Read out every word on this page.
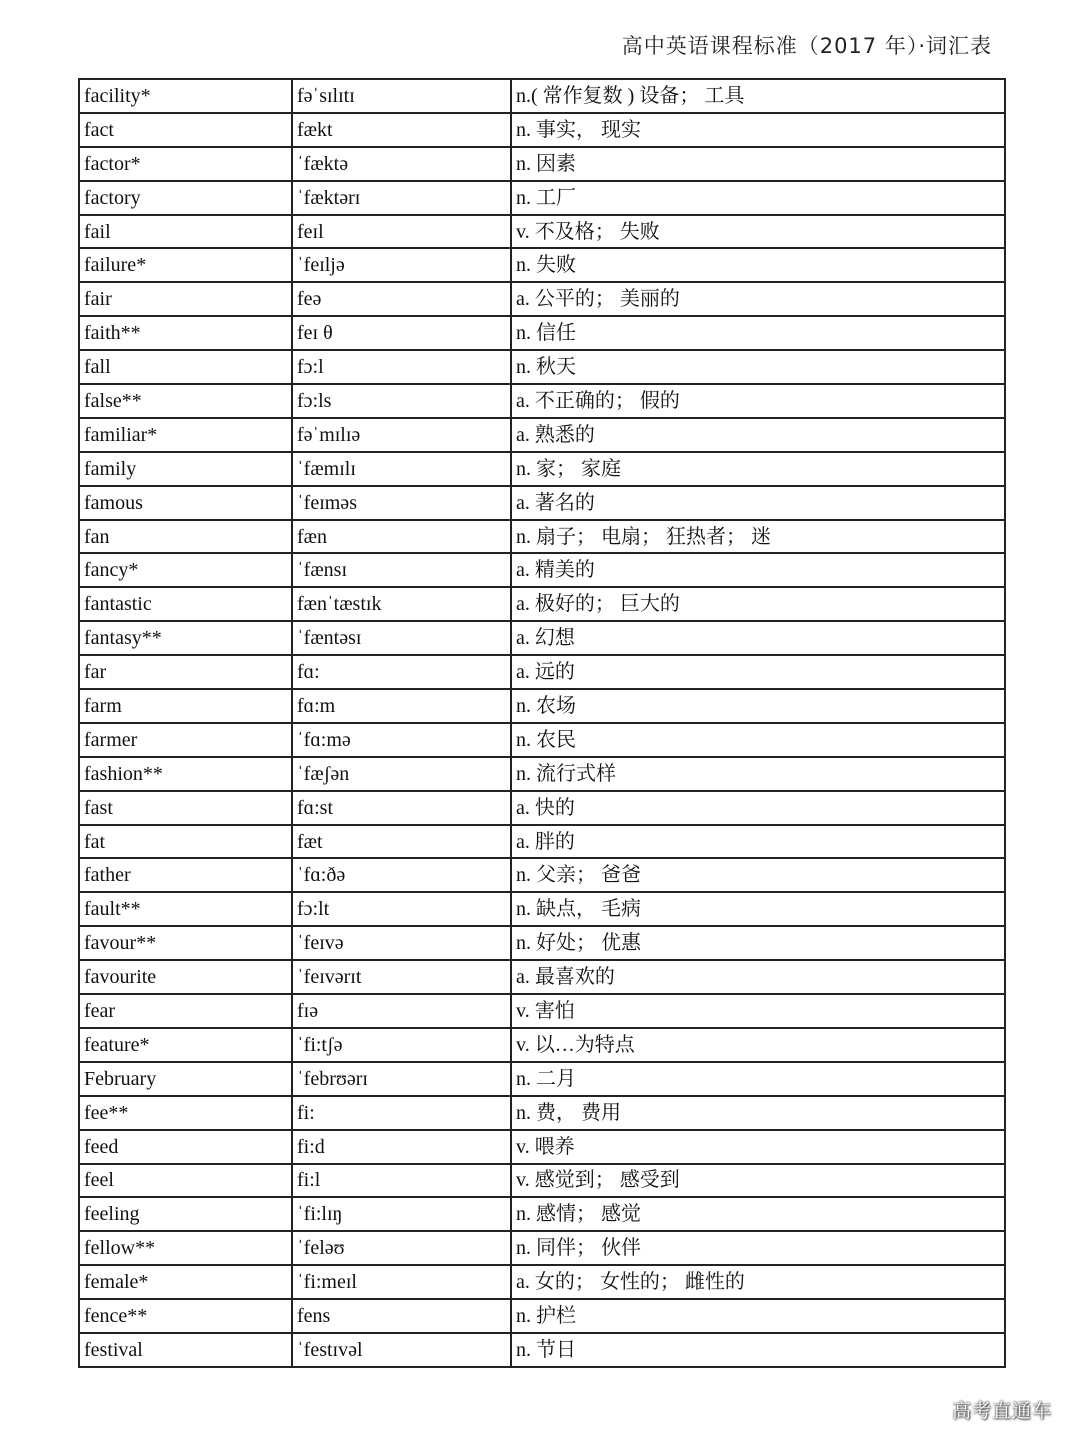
高中英语课程标准（2017 年）·词汇表
facility*	fəˈsɪlɪtɪ	n.( 常作复数 ) 设备； 工具
fact	fækt	n. 事实， 现实
factor*	ˈfæktə	n. 因素
factory	ˈfæktərɪ	n. 工厂
fail	feɪl	v. 不及格； 失败
failure*	ˈfeɪljə	n. 失败
fair	feə	a. 公平的； 美丽的
faith**	feɪ θ	n. 信任
fall	fɔ:l	n. 秋天
false**	fɔ:ls	a. 不正确的； 假的
familiar*	fəˈmɪlɪə	a. 熟悉的
family	ˈfæmɪlɪ	n. 家； 家庭
famous	ˈfeɪməs	a. 著名的
fan	fæn	n. 扇子； 电扇； 狂热者； 迷
fancy*	ˈfænsɪ	a. 精美的
fantastic	fænˈtæstɪk	a. 极好的； 巨大的
fantasy**	ˈfæntəsɪ	a. 幻想
far	fɑ:	a. 远的
farm	fɑ:m	n. 农场
farmer	ˈfɑ:mə	n. 农民
fashion**	ˈfæʃən	n. 流行式样
fast	fɑ:st	a. 快的
fat	fæt	a. 胖的
father	ˈfɑ:ðə	n. 父亲； 爸爸
fault**	fɔ:lt	n. 缺点， 毛病
favour**	ˈfeɪvə	n. 好处； 优惠
favourite	ˈfeɪvərɪt	a. 最喜欢的
fear	fɪə	v. 害怕
feature*	ˈfi:tʃə	v. 以…为特点
February	ˈfebrʊərɪ	n. 二月
fee**	fi:	n. 费， 费用
feed	fi:d	v. 喂养
feel	fi:l	v. 感觉到； 感受到
feeling	ˈfi:lɪŋ	n. 感情； 感觉
fellow**	ˈfeləʊ	n. 同伴； 伙伴
female*	ˈfi:meɪl	a. 女的； 女性的； 雌性的
fence**	fens	n. 护栏
festival	ˈfestɪvəl	n. 节日
高考直通车
